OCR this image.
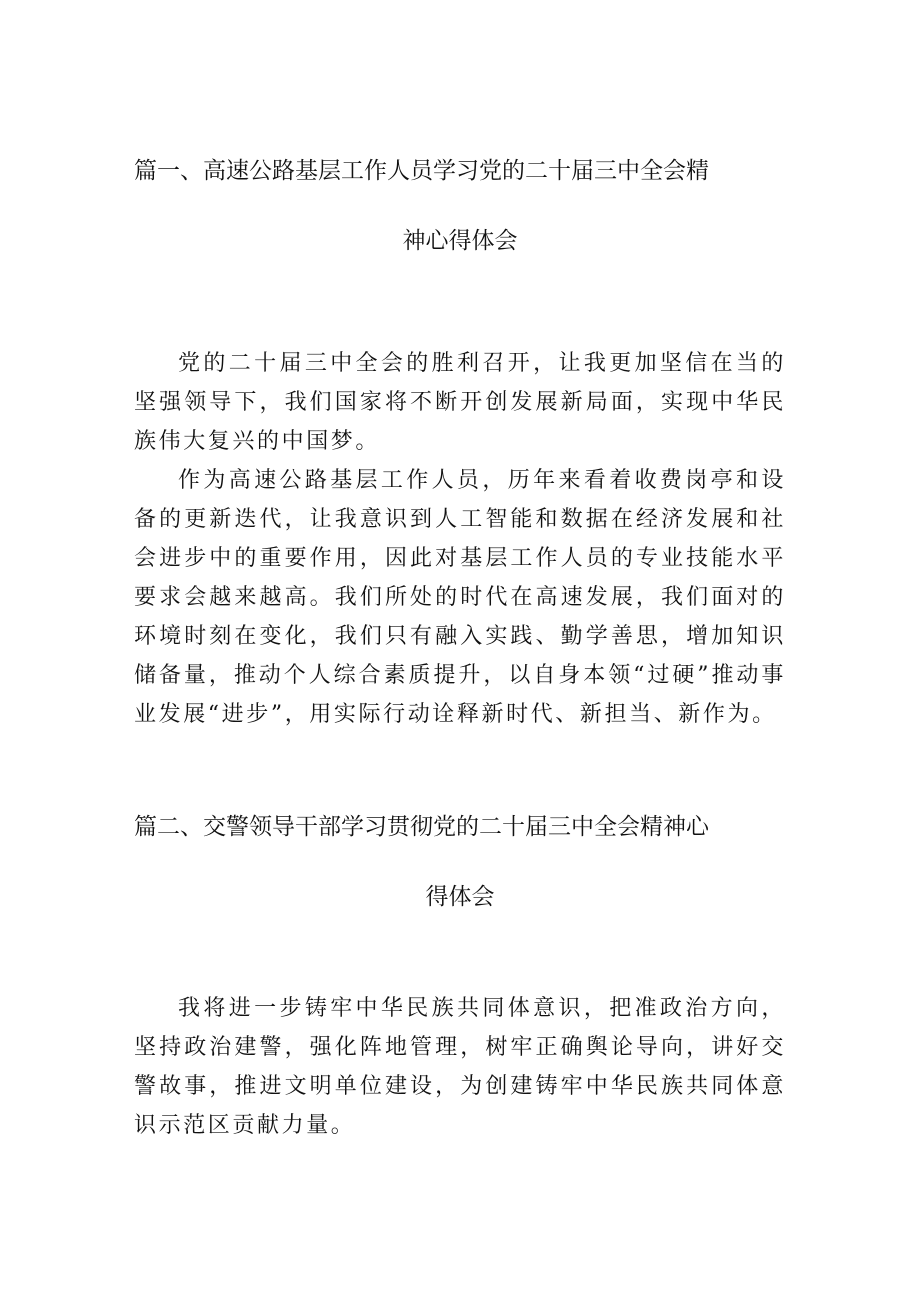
篇一、高速公路基层工作人员学习党的二十届三中全会精
神心得体会

党的二十届三中全会的胜利召开，让我更加坚信在当的坚强领导下，我们国家将不断开创发展新局面，实现中华民族伟大复兴的中国梦。

作为高速公路基层工作人员，历年来看着收费岗亭和设备的更新迭代，让我意识到人工智能和数据在经济发展和社会进步中的重要作用，因此对基层工作人员的专业技能水平要求会越来越高。我们所处的时代在高速发展，我们面对的环境时刻在变化，我们只有融入实践、勤学善思，增加知识储备量，推动个人综合素质提升，以自身本领“过硬”推动事业发展“进步”，用实际行动诠释新时代、新担当、新作为。

篇二、交警领导干部学习贯彻党的二十届三中全会精神心
得体会

我将进一步铸牢中华民族共同体意识，把准政治方向，坚持政治建警，强化阵地管理，树牢正确舆论导向，讲好交警故事，推进文明单位建设，为创建铸牢中华民族共同体意识示范区贡献力量。
